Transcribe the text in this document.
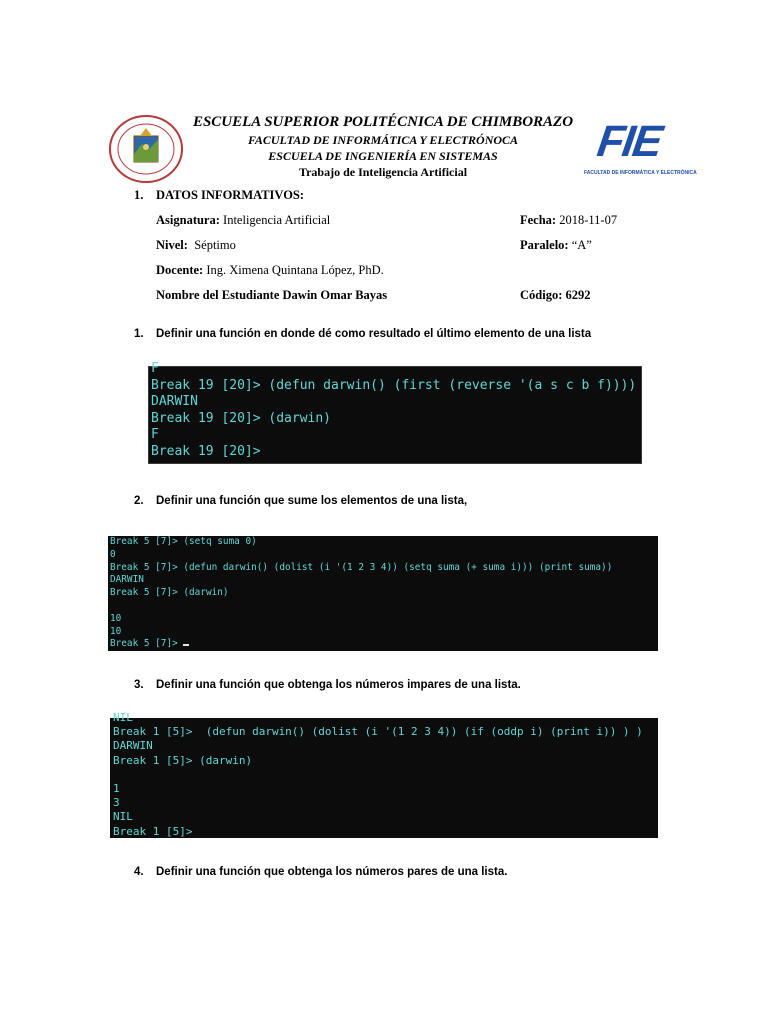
ESCUELA SUPERIOR POLITÉCNICA DE CHIMBORAZO
FACULTAD DE INFORMÁTICA Y ELECTRÓNOCA
ESCUELA DE INGENIERÍA EN SISTEMAS
Trabajo de Inteligencia Artificial
FIE
FACULTAD DE INFORMÁTICA Y ELECTRÓNICA
1. DATOS INFORMATIVOS:
Asignatura: Inteligencia Artificial	Fecha: 2018-11-07
Nivel: Séptimo	Paralelo: “A”
Docente: Ing. Ximena Quintana López, PhD.
Nombre del Estudiante Dawin Omar Bayas	Código: 6292
1. Definir una función en donde dé como resultado el último elemento de una lista
F
Break 19 [20]> (defun darwin() (first (reverse '(a s c b f))))
DARWIN
Break 19 [20]> (darwin)
F
Break 19 [20]>
2. Definir una función que sume los elementos de una lista,
Break 5 [7]> (setq suma 0)
0
Break 5 [7]> (defun darwin() (dolist (i '(1 2 3 4)) (setq suma (+ suma i))) (print suma))
DARWIN
Break 5 [7]> (darwin)

10
10
Break 5 [7]>
3. Definir una función que obtenga los números impares de una lista.
NIL
Break 1 [5]>  (defun darwin() (dolist (i '(1 2 3 4)) (if (oddp i) (print i)) ) )
DARWIN
Break 1 [5]> (darwin)

1
3
NIL
Break 1 [5]>
4. Definir una función que obtenga los números pares de una lista.
